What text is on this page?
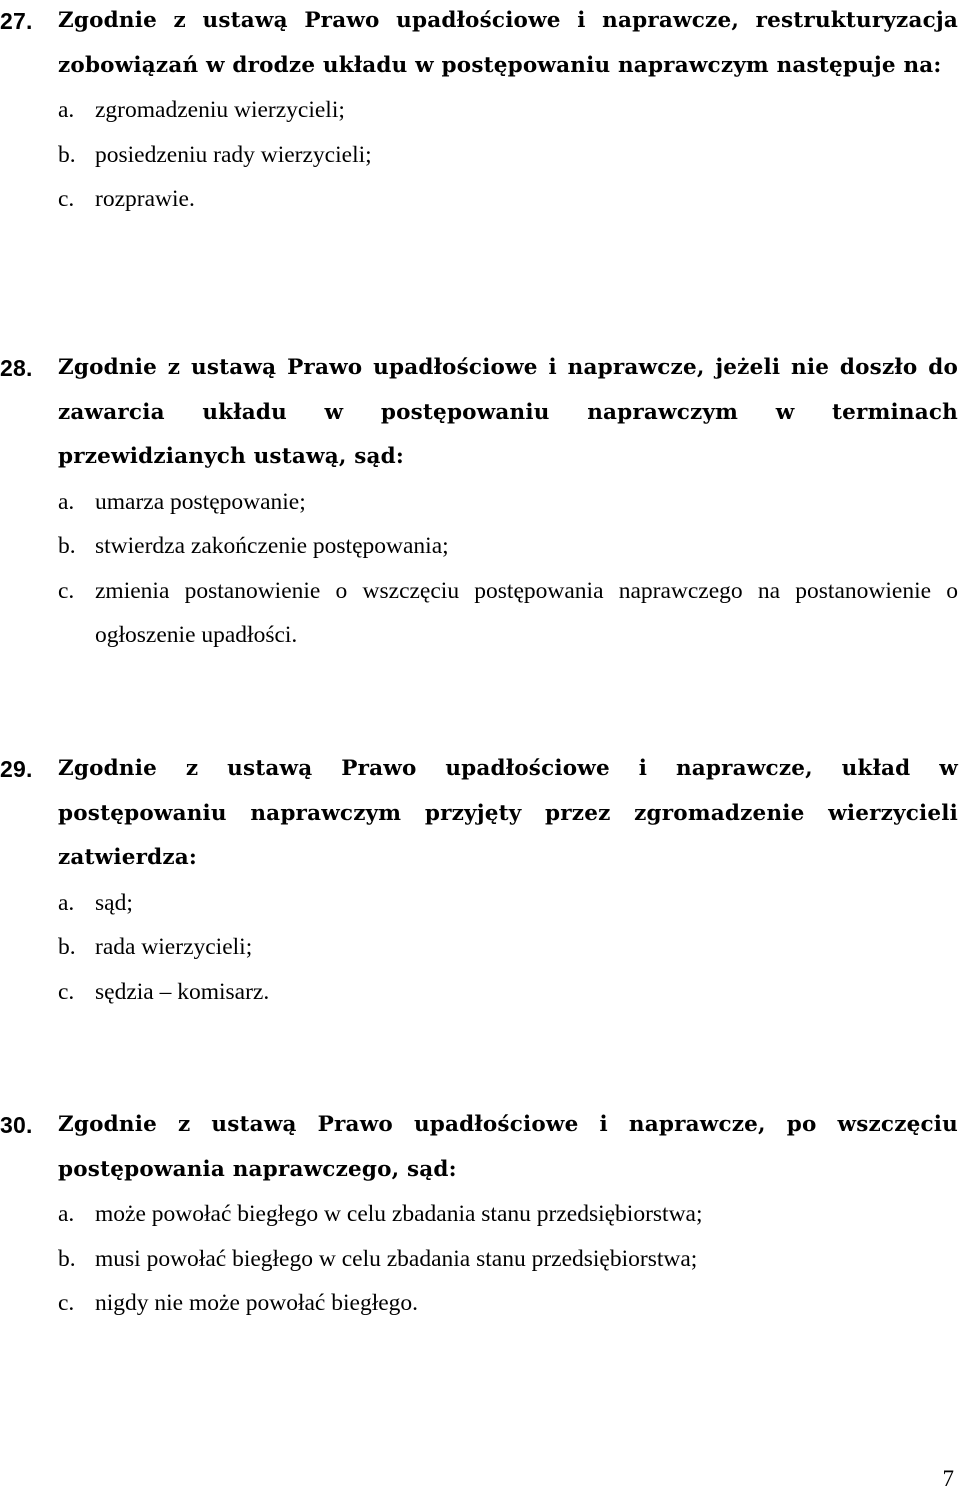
27. Zgodnie z ustawą Prawo upadłościowe i naprawcze, restrukturyzacja zobowiązań w drodze układu w postępowaniu naprawczym następuje na:
a. zgromadzeniu wierzycieli;
b. posiedzeniu rady wierzycieli;
c. rozprawie.
28. Zgodnie z ustawą Prawo upadłościowe i naprawcze, jeżeli nie doszło do zawarcia układu w postępowaniu naprawczym w terminach przewidzianych ustawą, sąd:
a. umarza postępowanie;
b. stwierdza zakończenie postępowania;
c. zmienia postanowienie o wszczęciu postępowania naprawczego na postanowienie o ogłoszenie upadłości.
29. Zgodnie z ustawą Prawo upadłościowe i naprawcze, układ w postępowaniu naprawczym przyjęty przez zgromadzenie wierzycieli zatwierdza:
a. sąd;
b. rada wierzycieli;
c. sędzia – komisarz.
30. Zgodnie z ustawą Prawo upadłościowe i naprawcze, po wszczęciu postępowania naprawczego, sąd:
a. może powołać biegłego w celu zbadania stanu przedsiębiorstwa;
b. musi powołać biegłego w celu zbadania stanu przedsiębiorstwa;
c. nigdy nie może powołać biegłego.
7
